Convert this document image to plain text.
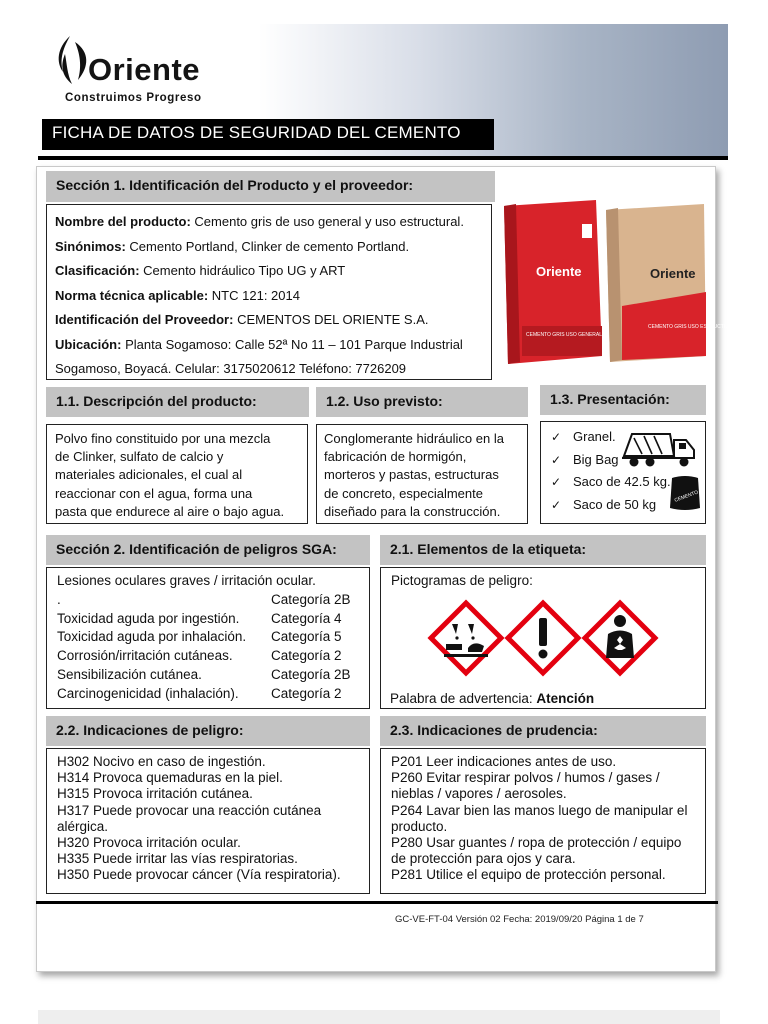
Oriente
Construimos Progreso
FICHA DE DATOS DE SEGURIDAD DEL CEMENTO
Sección 1. Identificación del Producto y el proveedor:
Nombre del producto: Cemento gris de uso general y uso estructural.
Sinónimos: Cemento Portland, Clinker de cemento Portland.
Clasificación: Cemento hidráulico Tipo UG y ART
Norma técnica aplicable: NTC 121: 2014
Identificación del Proveedor: CEMENTOS DEL ORIENTE S.A.
Ubicación: Planta Sogamoso: Calle 52ª No 11 – 101 Parque Industrial
Sogamoso, Boyacá. Celular: 3175020612 Teléfono: 7726209
Oriente
CEMENTO GRIS USO GENERAL
Oriente
CEMENTO GRIS USO ESTRUCTURAL ART 42.5 kg
1.1. Descripción del producto:	1.2. Uso previsto:	1.3. Presentación:
Polvo fino constituido por una mezcla
de Clinker, sulfato de calcio y
materiales adicionales, el cual al
reaccionar con el agua, forma una
pasta que endurece al aire o bajo agua.
Conglomerante hidráulico en la
fabricación de hormigón,
morteros y pastas, estructuras
de concreto, especialmente
diseñado para la construcción.
✓ Granel.
✓ Big Bag
✓ Saco de 42.5 kg.
✓ Saco de 50 kg	CEMENTO
Sección 2. Identificación de peligros SGA:	2.1. Elementos de la etiqueta:
Lesiones oculares graves / irritación ocular.
.	Categoría 2B
Toxicidad aguda por ingestión. Categoría 4
Toxicidad aguda por inhalación. Categoría 5
Corrosión/irritación cutáneas.	Categoría 2
Sensibilización cutánea.	Categoría 2B
Carcinogenicidad (inhalación). Categoría 2
Pictogramas de peligro:
Palabra de advertencia: Atención
2.2. Indicaciones de peligro:	2.3. Indicaciones de prudencia:
H302 Nocivo en caso de ingestión.
H314 Provoca quemaduras en la piel.
H315 Provoca irritación cutánea.
H317 Puede provocar una reacción cutánea
alérgica.
H320 Provoca irritación ocular.
H335 Puede irritar las vías respiratorias.
H350 Puede provocar cáncer (Vía respiratoria).
P201 Leer indicaciones antes de uso.
P260 Evitar respirar polvos / humos / gases /
nieblas / vapores / aerosoles.
P264 Lavar bien las manos luego de manipular el
producto.
P280 Usar guantes / ropa de protección / equipo
de protección para ojos y cara.
P281 Utilice el equipo de protección personal.
GC-VE-FT-04 Versión 02 Fecha: 2019/09/20 Página 1 de 7
